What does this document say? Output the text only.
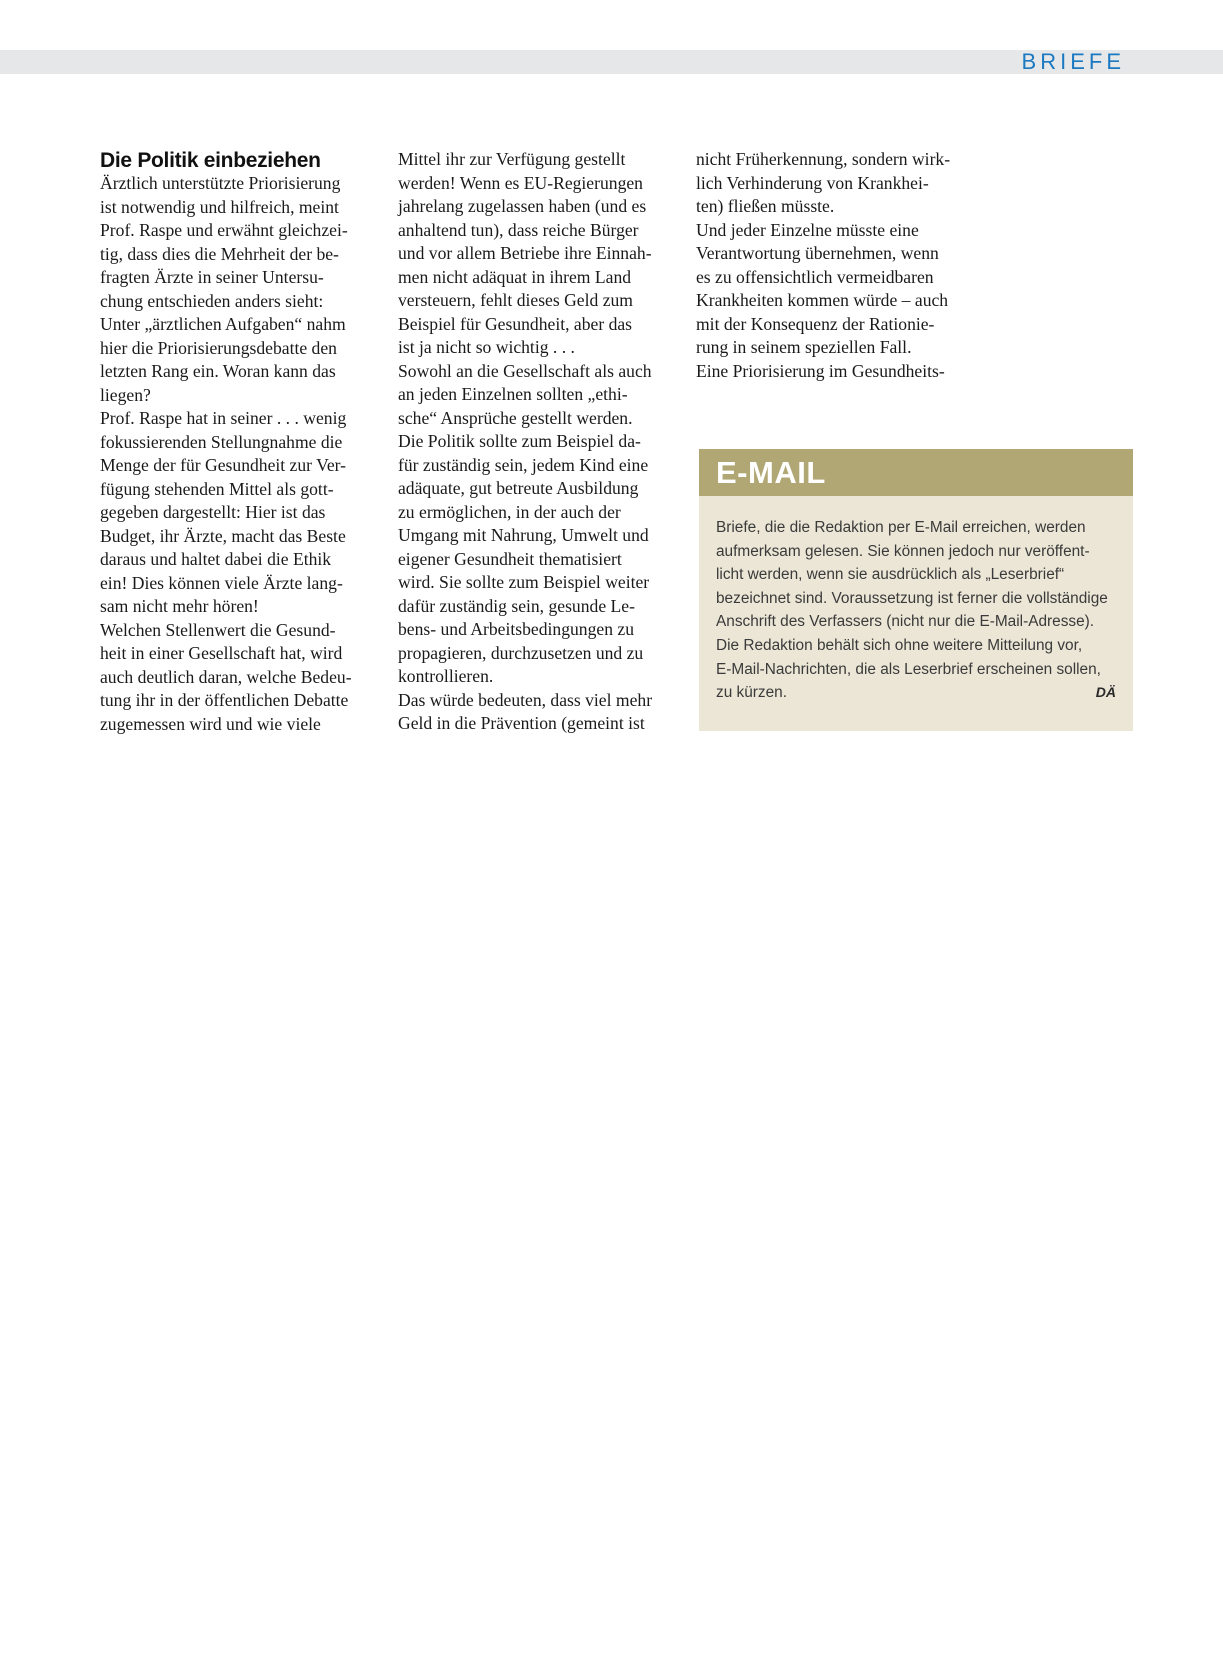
BRIEFE
Die Politik einbeziehen
Ärztlich unterstützte Priorisierung
ist notwendig und hilfreich, meint
Prof. Raspe und erwähnt gleichzei-
tig, dass dies die Mehrheit der be-
fragten Ärzte in seiner Untersu-
chung entschieden anders sieht:
Unter „ärztlichen Aufgaben“ nahm
hier die Priorisierungsdebatte den
letzten Rang ein. Woran kann das
liegen?
Prof. Raspe hat in seiner . . . wenig
fokussierenden Stellungnahme die
Menge der für Gesundheit zur Ver-
fügung stehenden Mittel als gott-
gegeben dargestellt: Hier ist das
Budget, ihr Ärzte, macht das Beste
daraus und haltet dabei die Ethik
ein! Dies können viele Ärzte lang-
sam nicht mehr hören!
Welchen Stellenwert die Gesund-
heit in einer Gesellschaft hat, wird
auch deutlich daran, welche Bedeu-
tung ihr in der öffentlichen Debatte
zugemessen wird und wie viele
Mittel ihr zur Verfügung gestellt
werden! Wenn es EU-Regierungen
jahrelang zugelassen haben (und es
anhaltend tun), dass reiche Bürger
und vor allem Betriebe ihre Einnah-
men nicht adäquat in ihrem Land
versteuern, fehlt dieses Geld zum
Beispiel für Gesundheit, aber das
ist ja nicht so wichtig . . .
Sowohl an die Gesellschaft als auch
an jeden Einzelnen sollten „ethi-
sche“ Ansprüche gestellt werden.
Die Politik sollte zum Beispiel da-
für zuständig sein, jedem Kind eine
adäquate, gut betreute Ausbildung
zu ermöglichen, in der auch der
Umgang mit Nahrung, Umwelt und
eigener Gesundheit thematisiert
wird. Sie sollte zum Beispiel weiter
dafür zuständig sein, gesunde Le-
bens- und Arbeitsbedingungen zu
propagieren, durchzusetzen und zu
kontrollieren.
Das würde bedeuten, dass viel mehr
Geld in die Prävention (gemeint ist
nicht Früherkennung, sondern wirk-
lich Verhinderung von Krankhei-
ten) fließen müsste.
Und jeder Einzelne müsste eine
Verantwortung übernehmen, wenn
es zu offensichtlich vermeidbaren
Krankheiten kommen würde – auch
mit der Konsequenz der Rationie-
rung in seinem speziellen Fall.
Eine Priorisierung im Gesundheits-
E-MAIL
Briefe, die die Redaktion per E-Mail erreichen, werden
aufmerksam gelesen. Sie können jedoch nur veröffent-
licht werden, wenn sie ausdrücklich als „Leserbrief“
bezeichnet sind. Voraussetzung ist ferner die vollständige
Anschrift des Verfassers (nicht nur die E-Mail-Adresse).
Die Redaktion behält sich ohne weitere Mitteilung vor,
E-Mail-Nachrichten, die als Leserbrief erscheinen sollen,
zu kürzen.	DÄ
